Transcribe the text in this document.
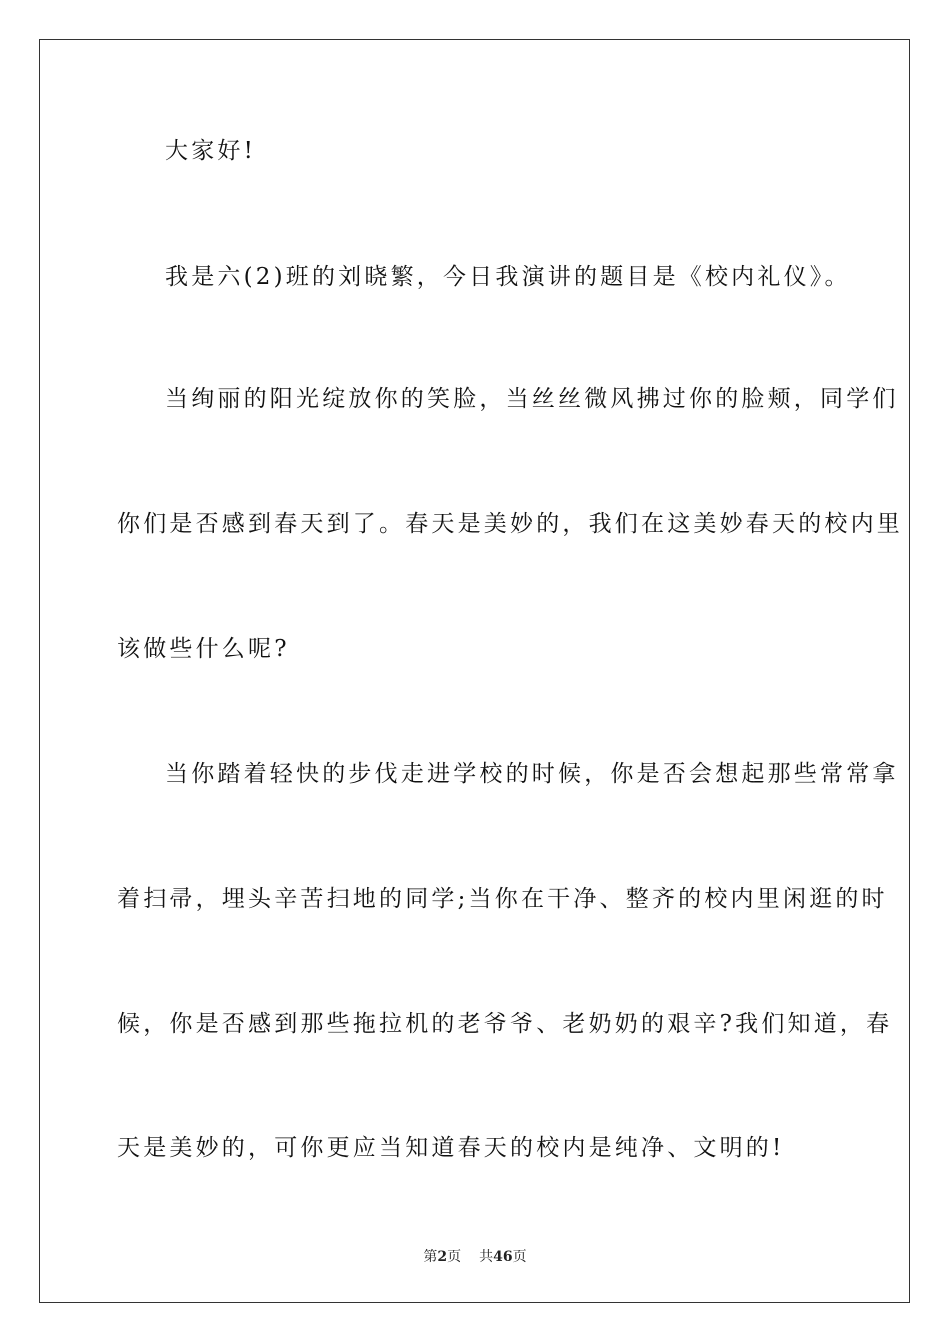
大家好!
我是六(2)班的刘晓繁，今日我演讲的题目是《校内礼仪》。
当绚丽的阳光绽放你的笑脸，当丝丝微风拂过你的脸颊，同学们
你们是否感到春天到了。春天是美妙的，我们在这美妙春天的校内里
该做些什么呢?
当你踏着轻快的步伐走进学校的时候，你是否会想起那些常常拿
着扫帚，埋头辛苦扫地的同学;当你在干净、整齐的校内里闲逛的时
候，你是否感到那些拖拉机的老爷爷、老奶奶的艰辛?我们知道，春
天是美妙的，可你更应当知道春天的校内是纯净、文明的!
第2页 共46页
